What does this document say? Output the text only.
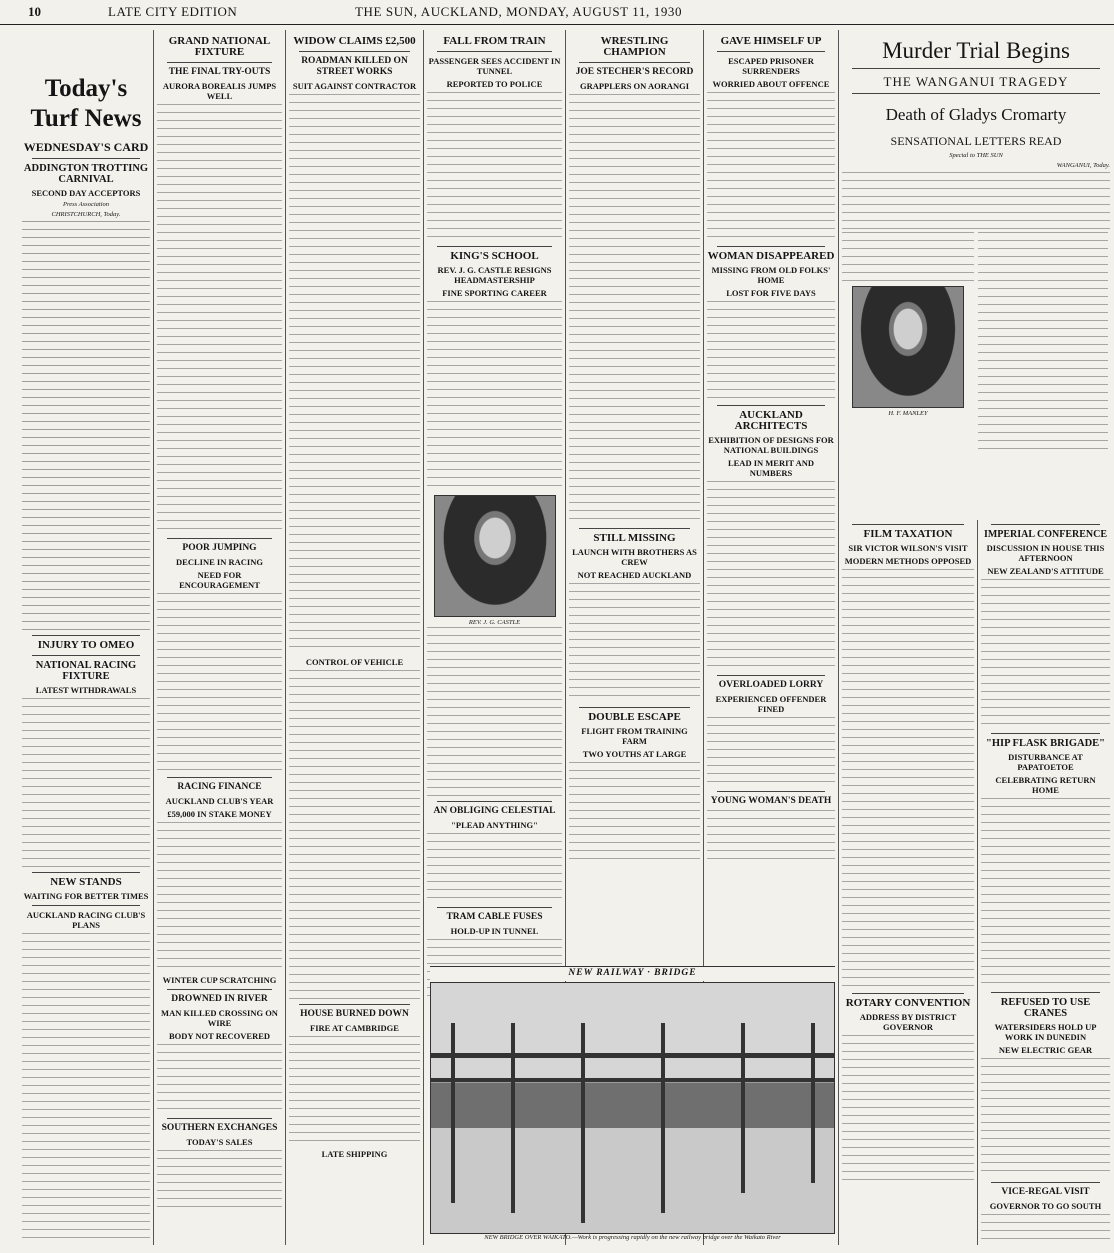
10	LATE CITY EDITION	THE SUN, AUCKLAND, MONDAY, AUGUST 11, 1930
Today's Turf News
WEDNESDAY'S CARD
ADDINGTON TROTTING CARNIVAL
SECOND DAY ACCEPTORS
Press Association
CHRISTCHURCH, Today.
INJURY TO OMEO
NATIONAL RACING FIXTURE
LATEST WITHDRAWALS
NEW STANDS
WAITING FOR BETTER TIMES
AUCKLAND RACING CLUB'S PLANS
GRAND NATIONAL FIXTURE
THE FINAL TRY-OUTS
AURORA BOREALIS JUMPS WELL
POOR JUMPING
DECLINE IN RACING
NEED FOR ENCOURAGEMENT
RACING FINANCE
AUCKLAND CLUB'S YEAR
£59,000 IN STAKE MONEY
WINTER CUP SCRATCHING
DROWNED IN RIVER
MAN KILLED CROSSING ON WIRE
BODY NOT RECOVERED
SOUTHERN EXCHANGES
TODAY'S SALES
WIDOW CLAIMS £2,500
ROADMAN KILLED ON STREET WORKS
SUIT AGAINST CONTRACTOR
CONTROL OF VEHICLE
HOUSE BURNED DOWN
FIRE AT CAMBRIDGE
LATE SHIPPING
FALL FROM TRAIN
PASSENGER SEES ACCIDENT IN TUNNEL
REPORTED TO POLICE
KING'S SCHOOL
REV. J. G. CASTLE RESIGNS HEADMASTERSHIP
FINE SPORTING CAREER
REV. J. G. CASTLE
AN OBLIGING CELESTIAL
"PLEAD ANYTHING"
TRAM CABLE FUSES
HOLD-UP IN TUNNEL
WRESTLING CHAMPION
JOE STECHER'S RECORD
GRAPPLERS ON AORANGI
STILL MISSING
LAUNCH WITH BROTHERS AS CREW
NOT REACHED AUCKLAND
DOUBLE ESCAPE
FLIGHT FROM TRAINING FARM
TWO YOUTHS AT LARGE
GAVE HIMSELF UP
ESCAPED PRISONER SURRENDERS
WORRIED ABOUT OFFENCE
WOMAN DISAPPEARED
MISSING FROM OLD FOLKS' HOME
LOST FOR FIVE DAYS
AUCKLAND ARCHITECTS
EXHIBITION OF DESIGNS FOR NATIONAL BUILDINGS
LEAD IN MERIT AND NUMBERS
OVERLOADED LORRY
EXPERIENCED OFFENDER FINED
YOUNG WOMAN'S DEATH
NEW RAILWAY · BRIDGE
NEW BRIDGE OVER WAIKATO.—Work is progressing rapidly on the new railway bridge over the Waikato River
Murder Trial Begins
THE WANGANUI TRAGEDY
Death of Gladys Cromarty
SENSATIONAL LETTERS READ
Special to THE SUN
WANGANUI, Today.
H. F. MANLEY
FILM TAXATION
SIR VICTOR WILSON'S VISIT
MODERN METHODS OPPOSED
ROTARY CONVENTION
ADDRESS BY DISTRICT GOVERNOR
IMPERIAL CONFERENCE
DISCUSSION IN HOUSE THIS AFTERNOON
NEW ZEALAND'S ATTITUDE
"HIP FLASK BRIGADE"
DISTURBANCE AT PAPATOETOE
CELEBRATING RETURN HOME
REFUSED TO USE CRANES
WATERSIDERS HOLD UP WORK IN DUNEDIN
NEW ELECTRIC GEAR
VICE-REGAL VISIT
GOVERNOR TO GO SOUTH
